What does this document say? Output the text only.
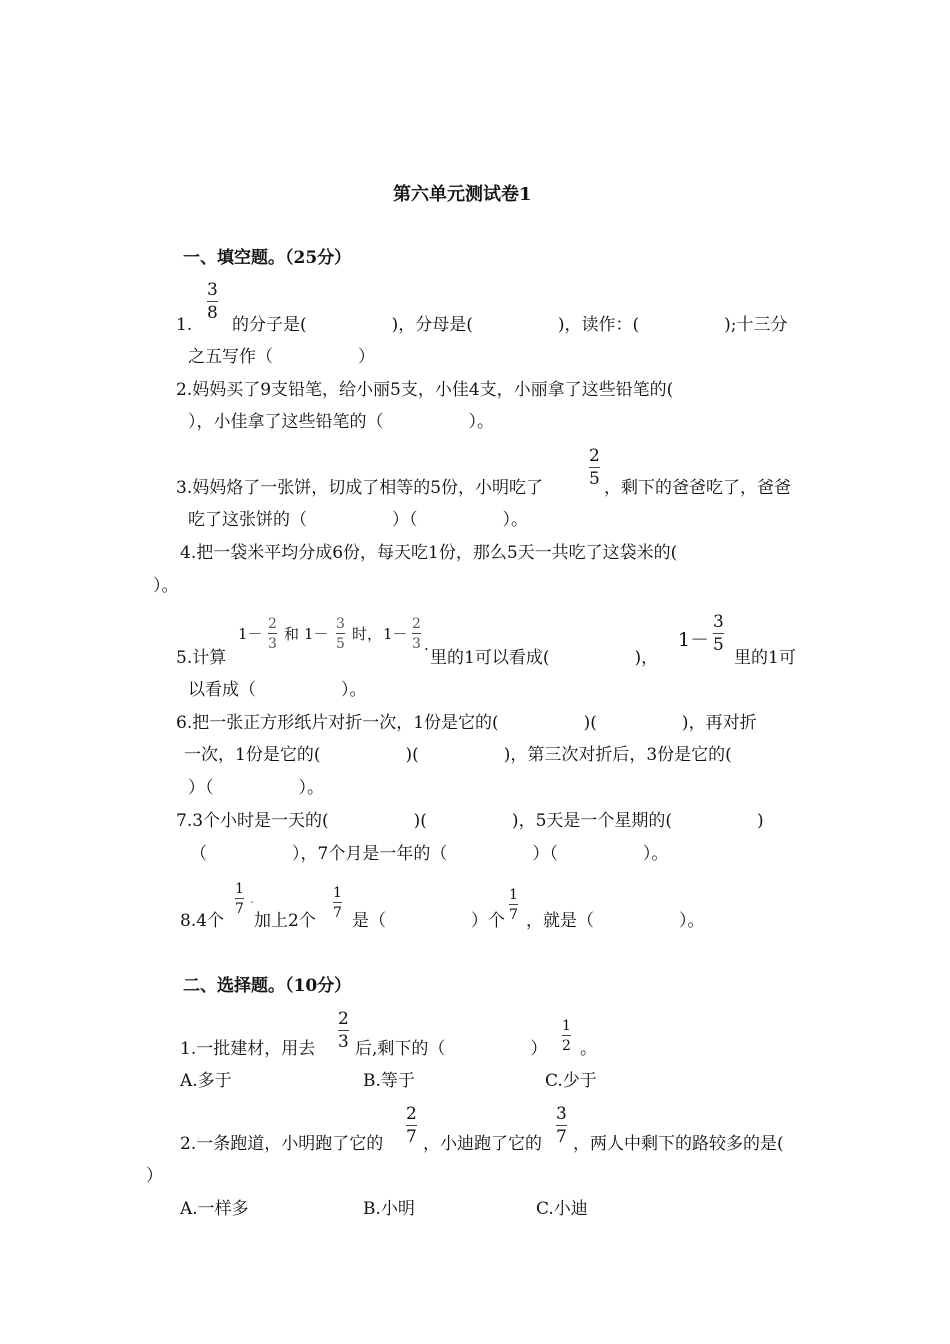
第六单元测试卷1
一、填空题。（25分）
3
8
1. 的分子是(　　　　　)，分母是(　　　　　)，读作：(　　　　　);十三分
之五写作（　　　　　）
2.妈妈买了9支铅笔，给小丽5支，小佳4支，小丽拿了这些铅笔的(
），小佳拿了这些铅笔的（　　　　　）。
2
5
3.妈妈烙了一张饼，切成了相等的5份，小明吃了	，剩下的爸爸吃了，爸爸
吃了这张饼的（　　　　　）（　　　　　）。
4.把一袋米平均分成6份，每天吃1份，那么5天一共吃了这袋米的(
）。
1－
2
3
和 1－
3
5
时， 1－
2
3 .
5.计算	里的1可以看成(　　　　　)，
1－
3
5
里的1可
以看成（　　　　　）。
6.把一张正方形纸片对折一次，1份是它的(　　　　　)(　　　　　)，再对折
一次，1份是它的(　　　　　)(　　　　　)，第三次对折后，3份是它的(
）（　　　　　）。
7.3个小时是一天的(　　　　　)(　　　　　)，5天是一个星期的(　　　　　)
（　　　　　），7个月是一年的（　　　　　）（　　　　　）。
1
7
.	1
7
1
7
8.4个 加上2个 是（　　　　　）个 ，就是（　　　　　）。
二、选择题。（10分）
2
3
1
2
1.一批建材，用去 后,剩下的（　　　　　） 。
A.多于	B.等于	C.少于
2
7
3
7
2.一条跑道，小明跑了它的 ，小迪跑了它的 ，两人中剩下的路较多的是(
）
A.一样多	B.小明	C.小迪
